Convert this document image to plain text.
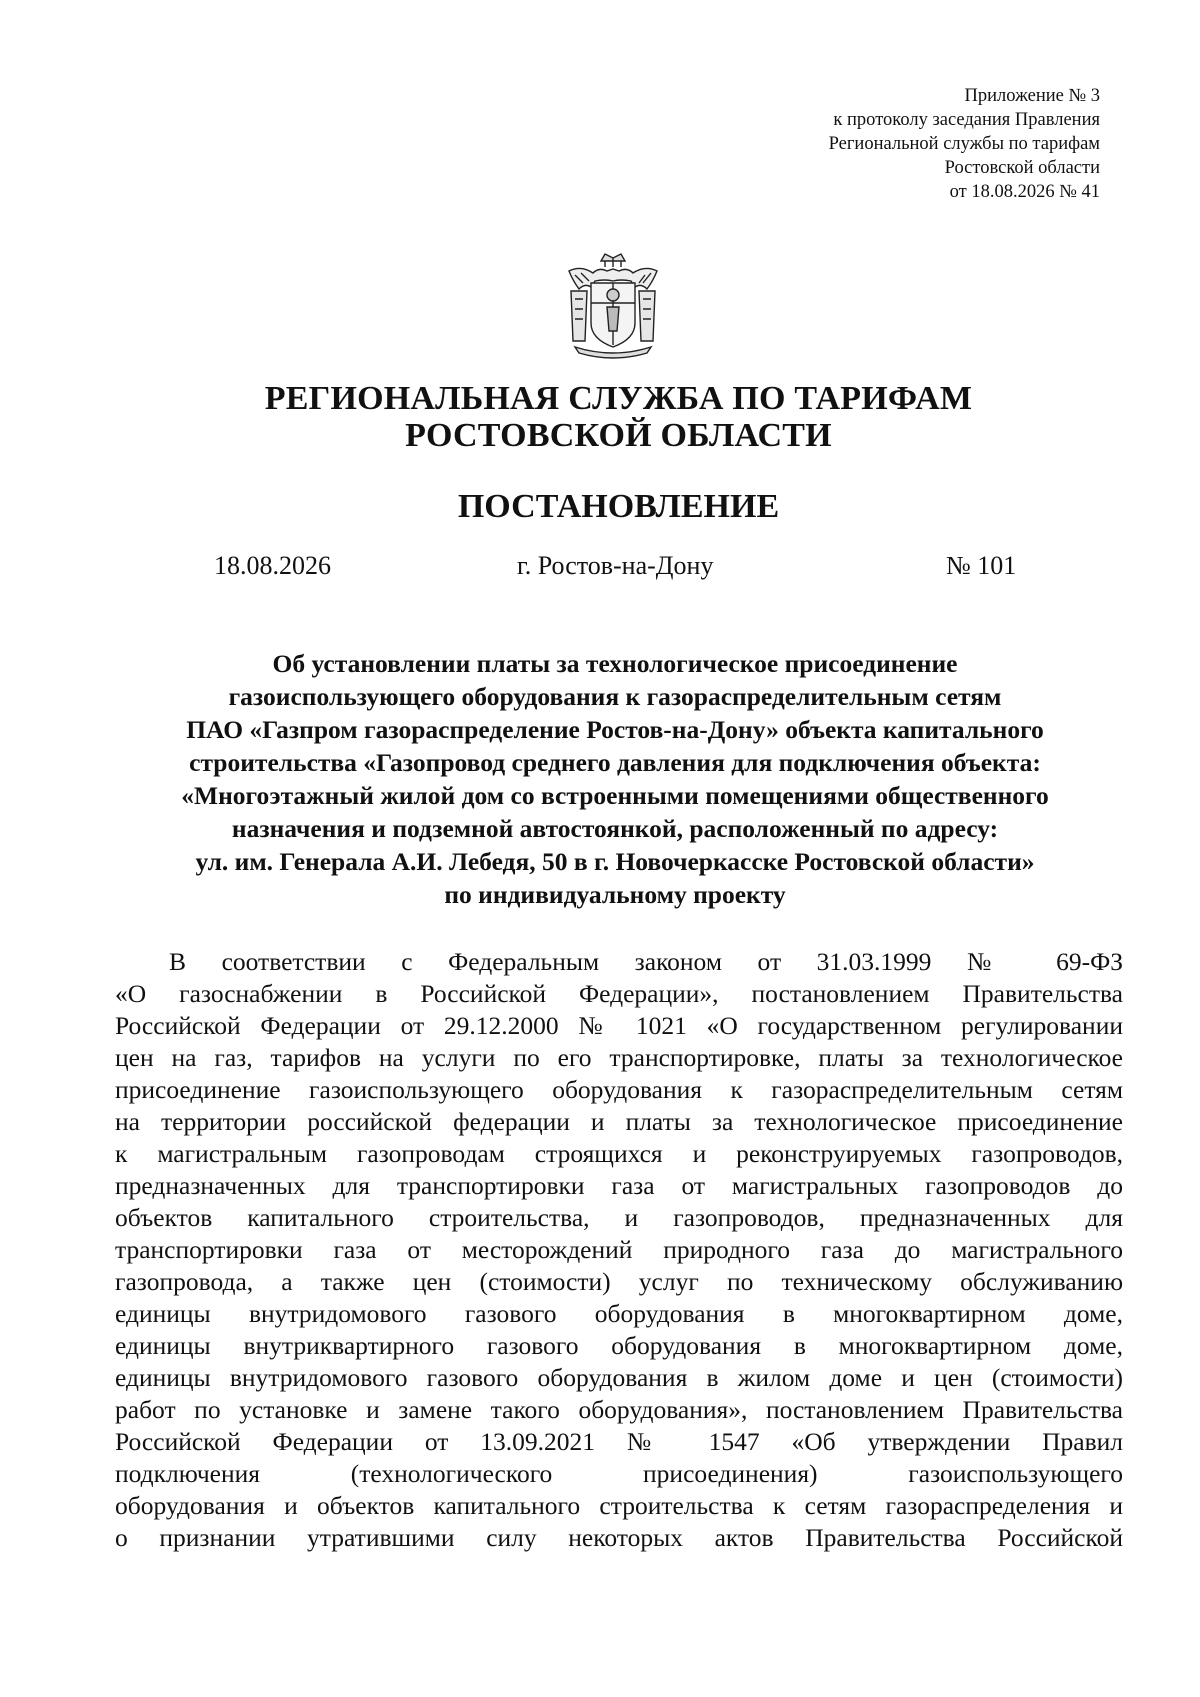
Приложение № 3
к протоколу заседания Правления
Региональной службы по тарифам
Ростовской области
от 18.08.2026 № 41
РЕГИОНАЛЬНАЯ СЛУЖБА ПО ТАРИФАМ
РОСТОВСКОЙ ОБЛАСТИ
ПОСТАНОВЛЕНИЕ
18.08.2026	г. Ростов-на-Дону	№ 101
Об установлении платы за технологическое присоединение
газоиспользующего оборудования к газораспределительным сетям
ПАО «Газпром газораспределение Ростов-на-Дону» объекта капитального
строительства «Газопровод среднего давления для подключения объекта:
«Многоэтажный жилой дом со встроенными помещениями общественного
назначения и подземной автостоянкой, расположенный по адресу:
ул. им. Генерала А.И. Лебедя, 50 в г. Новочеркасске Ростовской области»
по индивидуальному проекту
В соответствии с Федеральным законом от 31.03.1999 № 69-ФЗ
«О газоснабжении в Российской Федерации», постановлением Правительства
Российской Федерации от 29.12.2000 № 1021 «О государственном регулировании
цен на газ, тарифов на услуги по его транспортировке, платы за технологическое
присоединение газоиспользующего оборудования к газораспределительным сетям
на территории российской федерации и платы за технологическое присоединение
к магистральным газопроводам строящихся и реконструируемых газопроводов,
предназначенных для транспортировки газа от магистральных газопроводов до
объектов капитального строительства, и газопроводов, предназначенных для
транспортировки газа от месторождений природного газа до магистрального
газопровода, а также цен (стоимости) услуг по техническому обслуживанию
единицы внутридомового газового оборудования в многоквартирном доме,
единицы внутриквартирного газового оборудования в многоквартирном доме,
единицы внутридомового газового оборудования в жилом доме и цен (стоимости)
работ по установке и замене такого оборудования», постановлением Правительства
Российской Федерации от 13.09.2021 № 1547 «Об утверждении Правил
подключения (технологического присоединения) газоиспользующего
оборудования и объектов капитального строительства к сетям газораспределения и
о признании утратившими силу некоторых актов Правительства Российской
